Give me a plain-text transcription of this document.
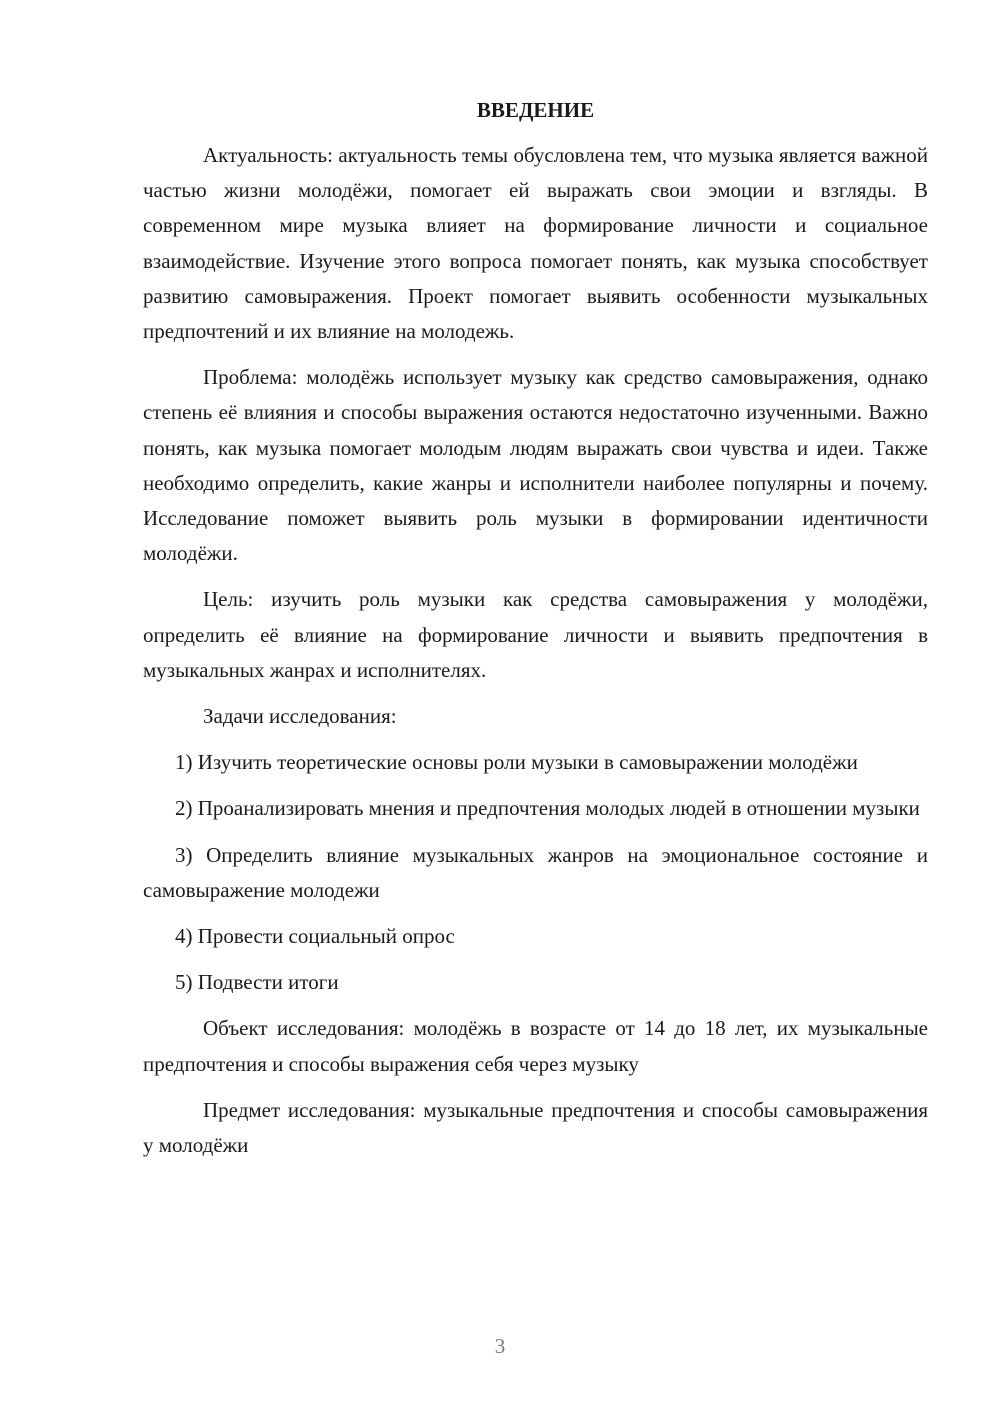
ВВЕДЕНИЕ

Актуальность: актуальность темы обусловлена тем, что музыка является важной частью жизни молодёжи, помогает ей выражать свои эмоции и взгляды. В современном мире музыка влияет на формирование личности и социальное взаимодействие. Изучение этого вопроса помогает понять, как музыка способствует развитию самовыражения. Проект помогает выявить особенности музыкальных предпочтений и их влияние на молодежь.

Проблема: молодёжь использует музыку как средство самовыражения, однако степень её влияния и способы выражения остаются недостаточно изученными. Важно понять, как музыка помогает молодым людям выражать свои чувства и идеи. Также необходимо определить, какие жанры и исполнители наиболее популярны и почему. Исследование поможет выявить роль музыки в формировании идентичности молодёжи.

Цель: изучить роль музыки как средства самовыражения у молодёжи, определить её влияние на формирование личности и выявить предпочтения в музыкальных жанрах и исполнителях.

Задачи исследования:

1) Изучить теоретические основы роли музыки в самовыражении молодёжи

2) Проанализировать мнения и предпочтения молодых людей в отношении музыки

3) Определить влияние музыкальных жанров на эмоциональное состояние и самовыражение молодежи

4) Провести социальный опрос

5) Подвести итоги

Объект исследования: молодёжь в возрасте от 14 до 18 лет, их музыкальные предпочтения и способы выражения себя через музыку

Предмет исследования: музыкальные предпочтения и способы самовыражения у молодёжи

3
